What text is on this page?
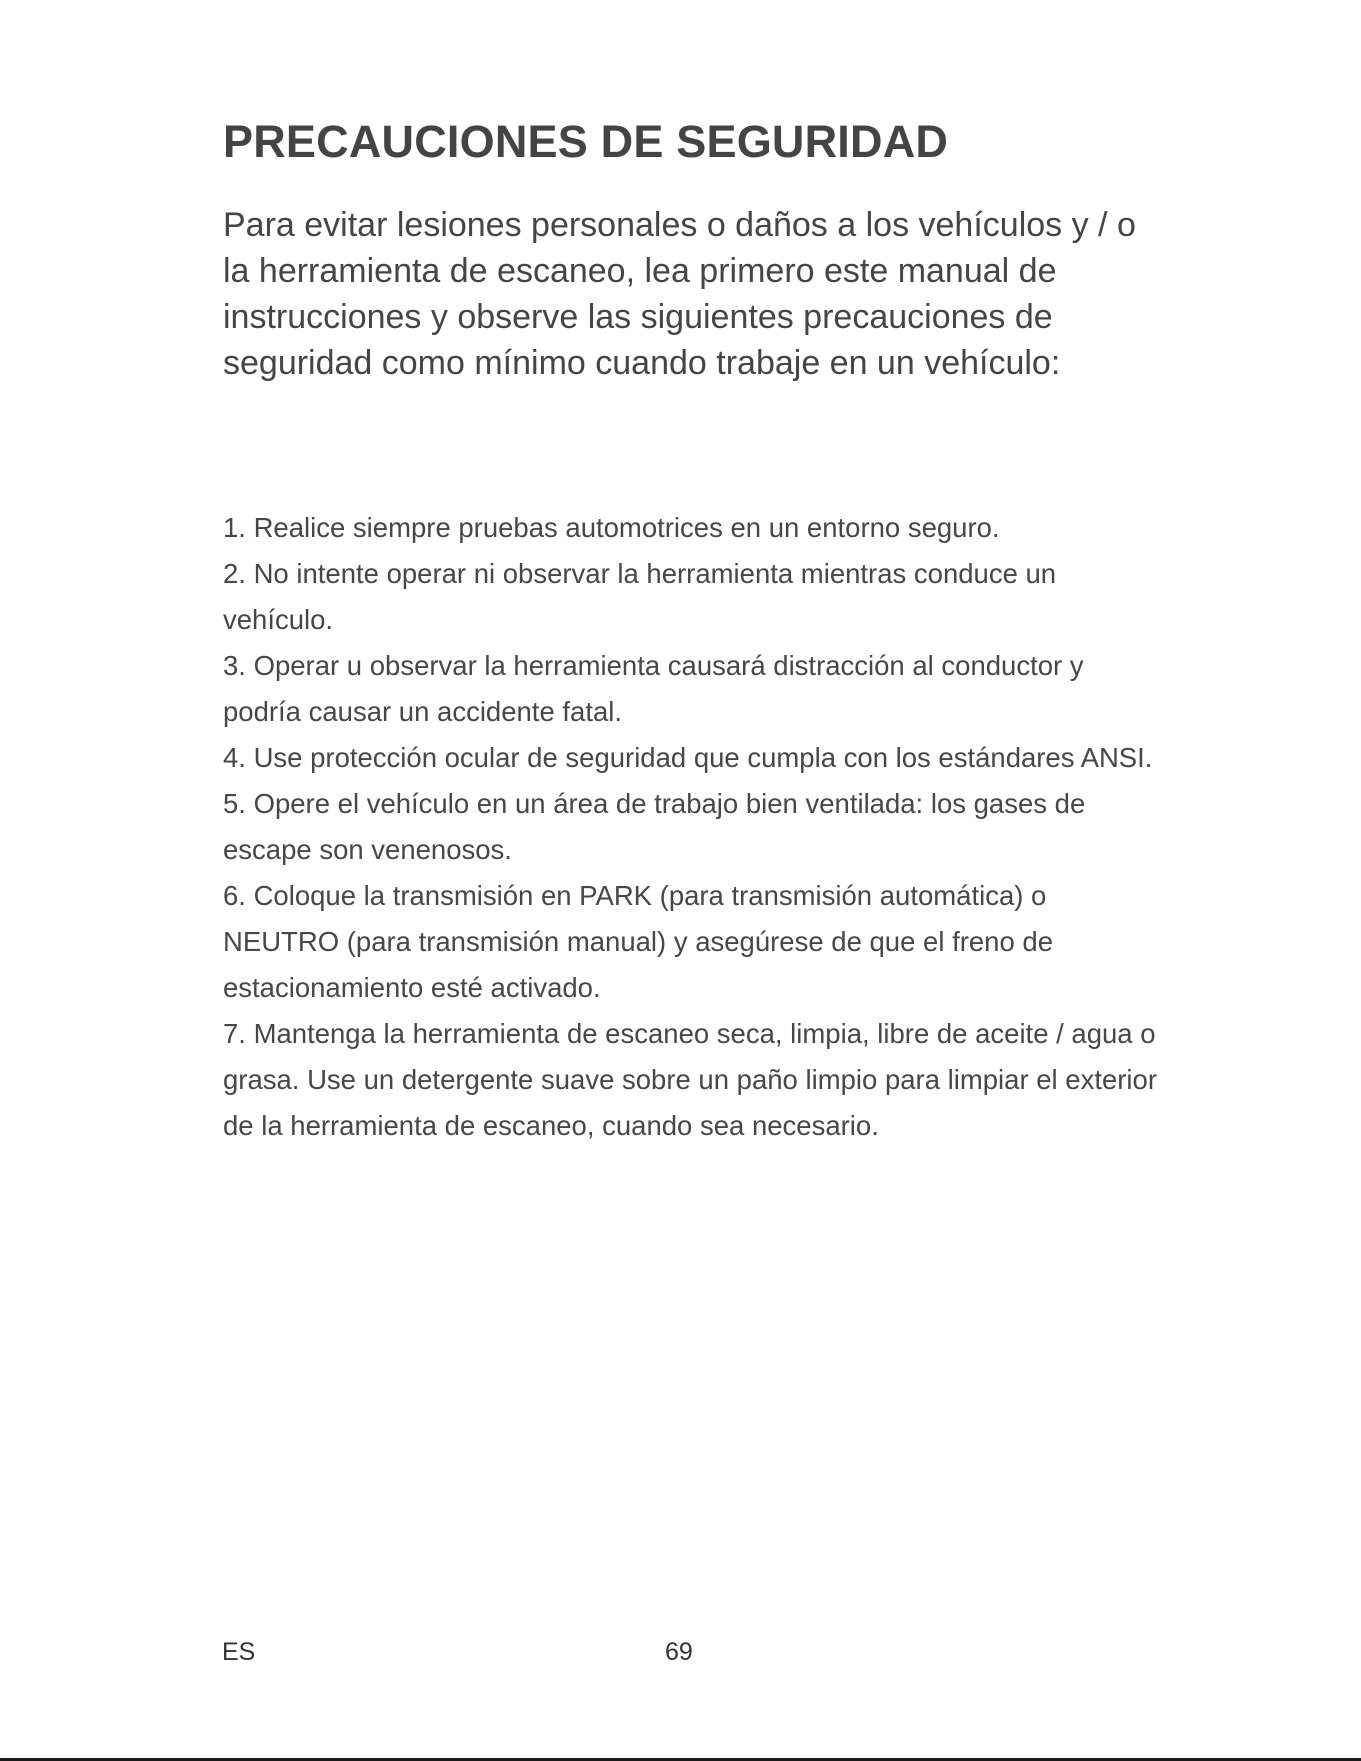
PRECAUCIONES DE SEGURIDAD

Para evitar lesiones personales o daños a los vehículos y / o la herramienta de escaneo, lea primero este manual de instrucciones y observe las siguientes precauciones de seguridad como mínimo cuando trabaje en un vehículo:

1. Realice siempre pruebas automotrices en un entorno seguro.
2. No intente operar ni observar la herramienta mientras conduce un vehículo.
3. Operar u observar la herramienta causará distracción al conductor y podría causar un accidente fatal.
4. Use protección ocular de seguridad que cumpla con los estándares ANSI.
5. Opere el vehículo en un área de trabajo bien ventilada: los gases de escape son venenosos.
6. Coloque la transmisión en PARK (para transmisión automática) o NEUTRO (para transmisión manual) y asegúrese de que el freno de estacionamiento esté activado.
7. Mantenga la herramienta de escaneo seca, limpia, libre de aceite / agua o grasa. Use un detergente suave sobre un paño limpio para limpiar el exterior de la herramienta de escaneo, cuando sea necesario.
ES	69
